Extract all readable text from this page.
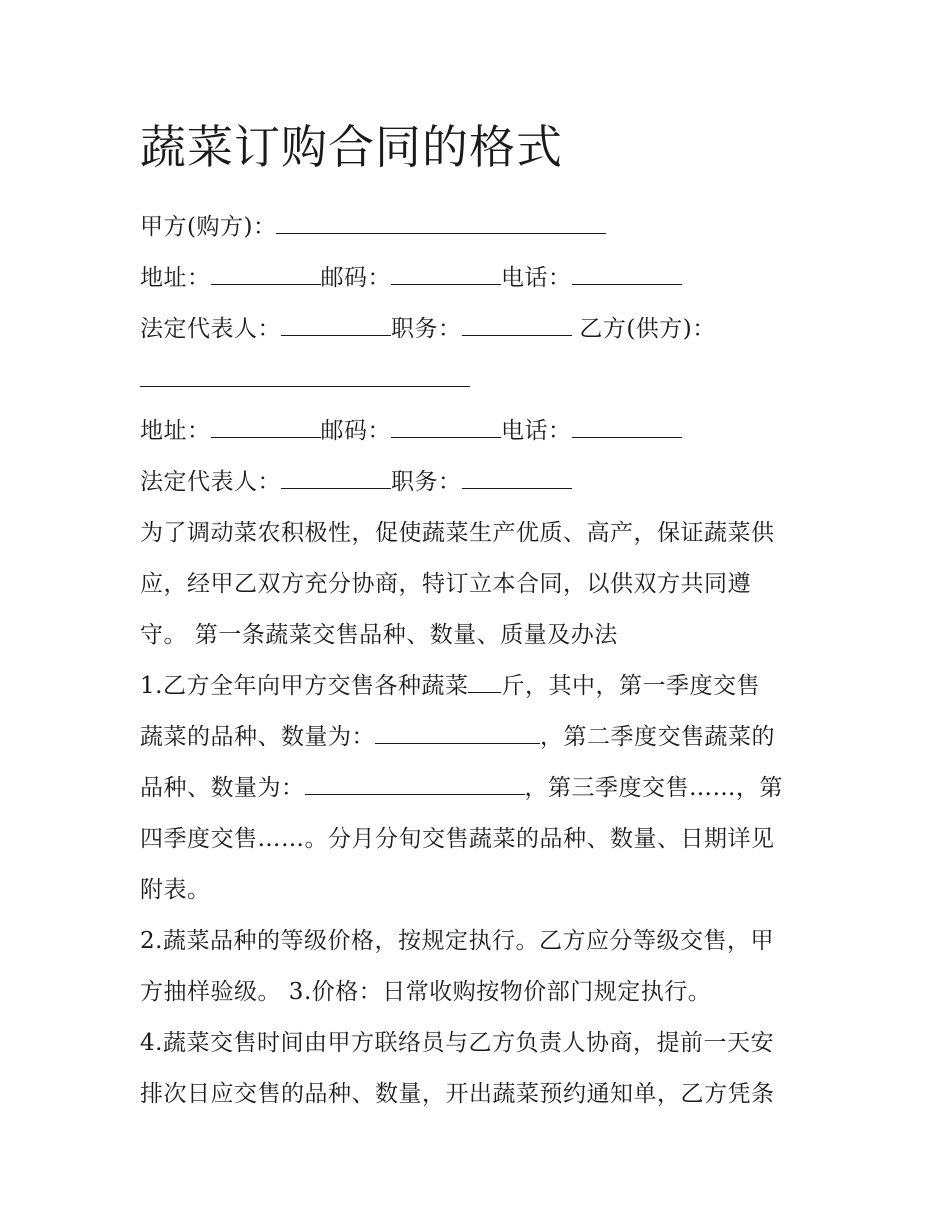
蔬菜订购合同的格式
甲方(购方)：
地址：	邮码：	电话：
法定代表人：	职务：	乙方(供方)：
地址：	邮码：	电话：
法定代表人：	职务：
为了调动菜农积极性，促使蔬菜生产优质、高产，保证蔬菜供
应，经甲乙双方充分协商，特订立本合同，以供双方共同遵
守。 第一条蔬菜交售品种、数量、质量及办法
1.乙方全年向甲方交售各种蔬菜 斤，其中，第一季度交售
蔬菜的品种、数量为：	，第二季度交售蔬菜的
品种、数量为：	，第三季度交售……，第
四季度交售……。分月分旬交售蔬菜的品种、数量、日期详见
附表。
2.蔬菜品种的等级价格，按规定执行。乙方应分等级交售，甲
方抽样验级。 3.价格：日常收购按物价部门规定执行。
4.蔬菜交售时间由甲方联络员与乙方负责人协商，提前一天安
排次日应交售的品种、数量，开出蔬菜预约通知单，乙方凭条
